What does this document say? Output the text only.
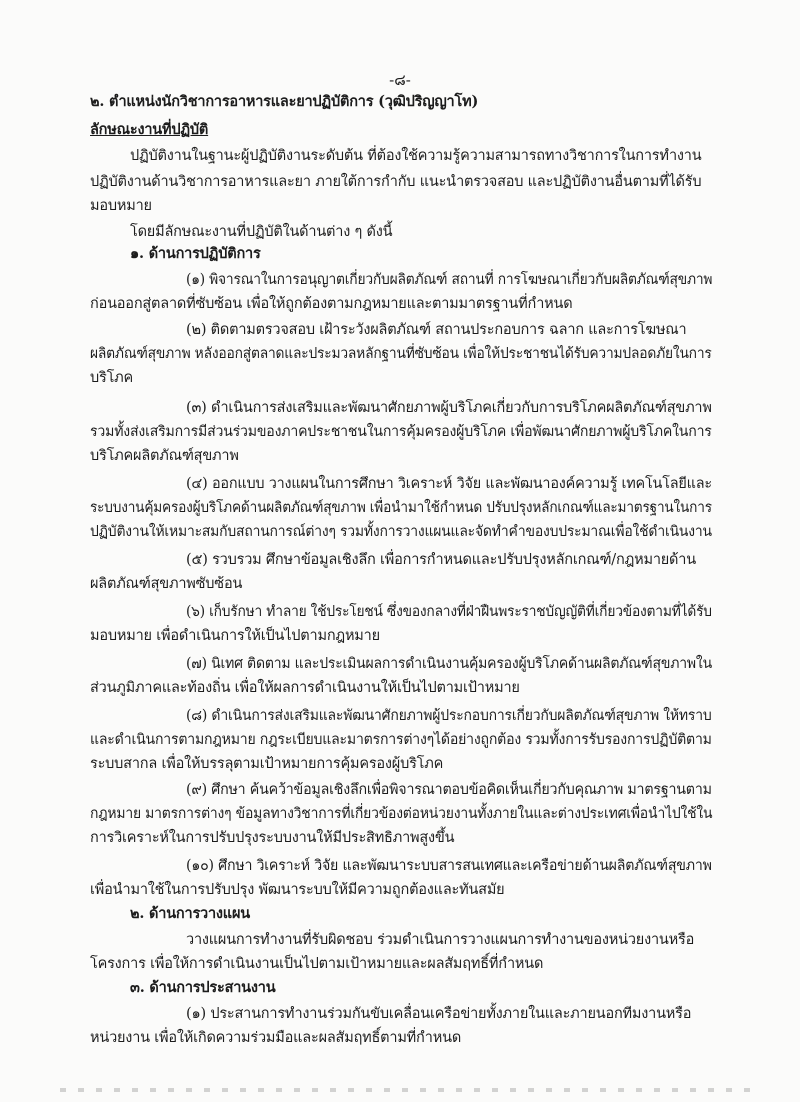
-๘-
๒. ตำแหน่งนักวิชาการอาหารและยาปฏิบัติการ (วุฒิปริญญาโท)
ลักษณะงานที่ปฏิบัติ
ปฏิบัติงานในฐานะผู้ปฏิบัติงานระดับต้น ที่ต้องใช้ความรู้ความสามารถทางวิชาการในการทำงาน
ปฏิบัติงานด้านวิชาการอาหารและยา ภายใต้การกำกับ แนะนำตรวจสอบ และปฏิบัติงานอื่นตามที่ได้รับ
มอบหมาย
โดยมีลักษณะงานที่ปฏิบัติในด้านต่าง ๆ ดังนี้
๑. ด้านการปฏิบัติการ
(๑) พิจารณาในการอนุญาตเกี่ยวกับผลิตภัณฑ์ สถานที่ การโฆษณาเกี่ยวกับผลิตภัณฑ์สุขภาพ
ก่อนออกสู่ตลาดที่ซับซ้อน เพื่อให้ถูกต้องตามกฎหมายและตามมาตรฐานที่กำหนด
(๒) ติดตามตรวจสอบ เฝ้าระวังผลิตภัณฑ์ สถานประกอบการ ฉลาก และการโฆษณา
ผลิตภัณฑ์สุขภาพ หลังออกสู่ตลาดและประมวลหลักฐานที่ซับซ้อน เพื่อให้ประชาชนได้รับความปลอดภัยในการ
บริโภค
(๓) ดำเนินการส่งเสริมและพัฒนาศักยภาพผู้บริโภคเกี่ยวกับการบริโภคผลิตภัณฑ์สุขภาพ
รวมทั้งส่งเสริมการมีส่วนร่วมของภาคประชาชนในการคุ้มครองผู้บริโภค เพื่อพัฒนาศักยภาพผู้บริโภคในการ
บริโภคผลิตภัณฑ์สุขภาพ
(๔) ออกแบบ วางแผนในการศึกษา วิเคราะห์ วิจัย และพัฒนาองค์ความรู้ เทคโนโลยีและ
ระบบงานคุ้มครองผู้บริโภคด้านผลิตภัณฑ์สุขภาพ เพื่อนำมาใช้กำหนด ปรับปรุงหลักเกณฑ์และมาตรฐานในการ
ปฏิบัติงานให้เหมาะสมกับสถานการณ์ต่างๆ รวมทั้งการวางแผนและจัดทำคำของบประมาณเพื่อใช้ดำเนินงาน
(๕) รวบรวม ศึกษาข้อมูลเชิงลึก เพื่อการกำหนดและปรับปรุงหลักเกณฑ์/กฎหมายด้าน
ผลิตภัณฑ์สุขภาพซับซ้อน
(๖) เก็บรักษา ทำลาย ใช้ประโยชน์ ซึ่งของกลางที่ฝ่าฝืนพระราชบัญญัติที่เกี่ยวข้องตามที่ได้รับ
มอบหมาย เพื่อดำเนินการให้เป็นไปตามกฎหมาย
(๗) นิเทศ ติดตาม และประเมินผลการดำเนินงานคุ้มครองผู้บริโภคด้านผลิตภัณฑ์สุขภาพใน
ส่วนภูมิภาคและท้องถิ่น เพื่อให้ผลการดำเนินงานให้เป็นไปตามเป้าหมาย
(๘) ดำเนินการส่งเสริมและพัฒนาศักยภาพผู้ประกอบการเกี่ยวกับผลิตภัณฑ์สุขภาพ ให้ทราบ
และดำเนินการตามกฎหมาย กฎระเบียบและมาตรการต่างๆได้อย่างถูกต้อง รวมทั้งการรับรองการปฏิบัติตาม
ระบบสากล เพื่อให้บรรลุตามเป้าหมายการคุ้มครองผู้บริโภค
(๙) ศึกษา ค้นคว้าข้อมูลเชิงลึกเพื่อพิจารณาตอบข้อคิดเห็นเกี่ยวกับคุณภาพ มาตรฐานตาม
กฎหมาย มาตรการต่างๆ ข้อมูลทางวิชาการที่เกี่ยวข้องต่อหน่วยงานทั้งภายในและต่างประเทศเพื่อนำไปใช้ใน
การวิเคราะห์ในการปรับปรุงระบบงานให้มีประสิทธิภาพสูงขึ้น
(๑๐) ศึกษา วิเคราะห์ วิจัย และพัฒนาระบบสารสนเทศและเครือข่ายด้านผลิตภัณฑ์สุขภาพ
เพื่อนำมาใช้ในการปรับปรุง พัฒนาระบบให้มีความถูกต้องและทันสมัย
๒. ด้านการวางแผน
วางแผนการทำงานที่รับผิดชอบ ร่วมดำเนินการวางแผนการทำงานของหน่วยงานหรือ
โครงการ เพื่อให้การดำเนินงานเป็นไปตามเป้าหมายและผลสัมฤทธิ์ที่กำหนด
๓. ด้านการประสานงาน
(๑) ประสานการทำงานร่วมกันขับเคลื่อนเครือข่ายทั้งภายในและภายนอกทีมงานหรือ
หน่วยงาน เพื่อให้เกิดความร่วมมือและผลสัมฤทธิ์ตามที่กำหนด
